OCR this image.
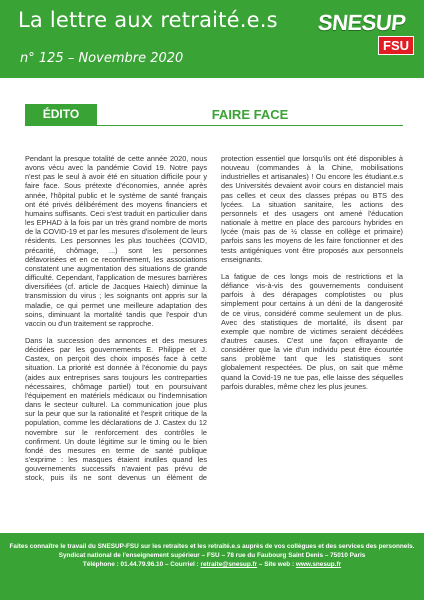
La lettre aux retraité.e.s
n° 125 – Novembre 2020
SNESUP
FSU
ÉDITO	FAIRE FACE

Pendant la presque totalité de cette année 2020, nous avons vécu avec la pandémie Covid 19. Notre pays n'est pas le seul à avoir été en situation difficile pour y faire face. Sous prétexte d'économies, année après année, l'hôpital public et le système de santé français ont été privés délibérément des moyens financiers et humains suffisants. Ceci s'est traduit en particulier dans les EPHAD à la fois par un très grand nombre de morts de la COVID-19 et par les mesures d'isolement de leurs résidents. Les personnes les plus touchées (COVID, précarité, chômage, ...) sont les personnes défavorisées et en ce reconfinement, les associations constatent une augmentation des situations de grande difficulté. Cependant, l'application de mesures barrières diversifiées (cf. article de Jacques Haiech) diminue la transmission du virus ; les soignants ont appris sur la maladie, ce qui permet une meilleure adaptation des soins, diminuant la mortalité tandis que l'espoir d'un vaccin ou d'un traitement se rapproche.

Dans la succession des annonces et des mesures décidées par les gouvernements E. Philippe et J. Castex, on perçoit des choix imposés face à cette situation. La priorité est donnée à l'économie du pays (aides aux entreprises sans toujours les contreparties nécessaires, chômage partiel) tout en poursuivant l'équipement en matériels médicaux ou l'indemnisation dans le secteur culturel. La communication joue plus sur la peur que sur la rationalité et l'esprit critique de la population, comme les déclarations de J. Castex du 12 novembre sur le renforcement des contrôles le confirment. Un doute légitime sur le timing ou le bien fondé des mesures en terme de santé publique s'exprime : les masques étaient inutiles quand les gouvernements successifs n'avaient pas prévu de stock, puis ils ne sont devenus un élément de protection essentiel que lorsqu'ils ont été disponibles à nouveau (commandes à la Chine, mobilisations industrielles et artisanales) ! Ou encore les étudiant.e.s des Universités devaient avoir cours en distanciel mais pas celles et ceux des classes prépas ou BTS des lycées. La situation sanitaire, les actions des personnels et des usagers ont amené l'éducation nationale à mettre en place des parcours hybrides en lycée (mais pas de ½ classe en collège et primaire) parfois sans les moyens de les faire fonctionner et des tests antigéniques vont être proposés aux personnels enseignants.

La fatigue de ces longs mois de restrictions et la défiance vis-à-vis des gouvernements conduisent parfois à des dérapages complotistes ou plus simplement pour certains à un déni de la dangerosité de ce virus, considéré comme seulement un de plus. Avec des statistiques de mortalité, ils disent par exemple que nombre de victimes seraient décédées d'autres causes. C'est une façon effrayante de considérer que la vie d'un individu peut être écourtée sans problème tant que les statistiques sont globalement respectées. De plus, on sait que même quand la Covid-19 ne tue pas, elle laisse des séquelles parfois durables, même chez les plus jeunes.

Faites connaître le travail du SNESUP-FSU sur les retraites et les retraité.e.s auprès de vos collègues et des services des personnels.
Syndicat national de l'enseignement supérieur – FSU – 78 rue du Faubourg Saint Denis – 75010 Paris
Téléphone : 01.44.79.96.10 – Courriel : retraite@snesup.fr – Site web : www.snesup.fr
